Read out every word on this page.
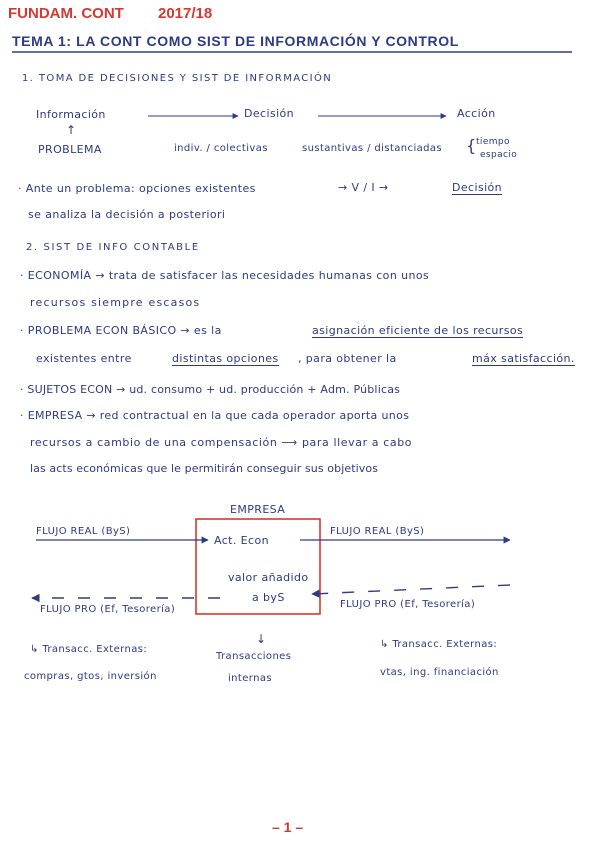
FUNDAM. CONT 2017/18
TEMA 1: LA CONT COMO SIST DE INFORMACIÓN Y CONTROL
1. TOMA DE DECISIONES Y SIST DE INFORMACIÓN
Información	Decisión	Acción
↑
PROBLEMA	indiv. / colectivas	sustantivas / distanciadas { tiempo
espacio
· Ante un problema: opciones existentes	→ V / I →	Decisión
se analiza la decisión a posteriori
2. SIST DE INFO CONTABLE
· ECONOMÍA → trata de satisfacer las necesidades humanas con unos
recursos siempre escasos
· PROBLEMA ECON BÁSICO → es la	asignación eficiente de los recursos
existentes entre	distintas opciones , para obtener la	máx satisfacción.
· SUJETOS ECON → ud. consumo + ud. producción + Adm. Públicas
· EMPRESA → red contractual en la que cada operador aporta unos
recursos a cambio de una compensación ⟶ para llevar a cabo
las acts económicas que le permitirán conseguir sus objetivos
EMPRESA
FLUJO REAL (ByS)
Act. Econ
FLUJO REAL (ByS)
valor añadido
a byS
FLUJO PRO (Ef, Tesorería)	FLUJO PRO (Ef, Tesorería)
↳ Transacc. Externas:
compras, gtos, inversión
↓
Transacciones
internas
↳ Transacc. Externas:
vtas, ing. financiación
– 1 –
